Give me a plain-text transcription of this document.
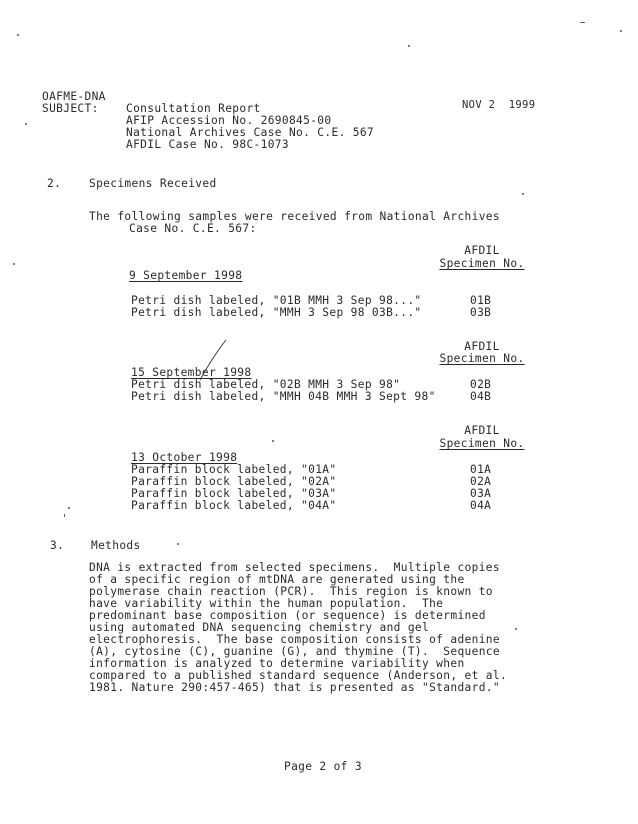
OAFME-DNA
SUBJECT: Consultation Report
AFIP Accession No. 2690845-00
National Archives Case No. C.E. 567
AFDIL Case No. 98C-1073
NOV 2  1999
2. Specimens Received
The following samples were received from National Archives
Case No. C.E. 567:
AFDIL
Specimen No.
9 September 1998
Petri dish labeled, "01B MMH 3 Sep 98..."	01B
Petri dish labeled, "MMH 3 Sep 98 03B..."	03B
AFDIL
Specimen No.
15 September 1998
Petri dish labeled, "02B MMH 3 Sep 98"	02B
Petri dish labeled, "MMH 04B MMH 3 Sept 98"	04B
AFDIL
Specimen No.
13 October 1998
Paraffin block labeled, "01A"	01A
Paraffin block labeled, "02A"	02A
Paraffin block labeled, "03A"	03A
Paraffin block labeled, "04A"	04A
3. Methods
DNA is extracted from selected specimens.  Multiple copies
of a specific region of mtDNA are generated using the
polymerase chain reaction (PCR).  This region is known to
have variability within the human population.  The
predominant base composition (or sequence) is determined
using automated DNA sequencing chemistry and gel
electrophoresis.  The base composition consists of adenine
(A), cytosine (C), guanine (G), and thymine (T).  Sequence
information is analyzed to determine variability when
compared to a published standard sequence (Anderson, et al.
1981. Nature 290:457-465) that is presented as "Standard."
Page 2 of 3
